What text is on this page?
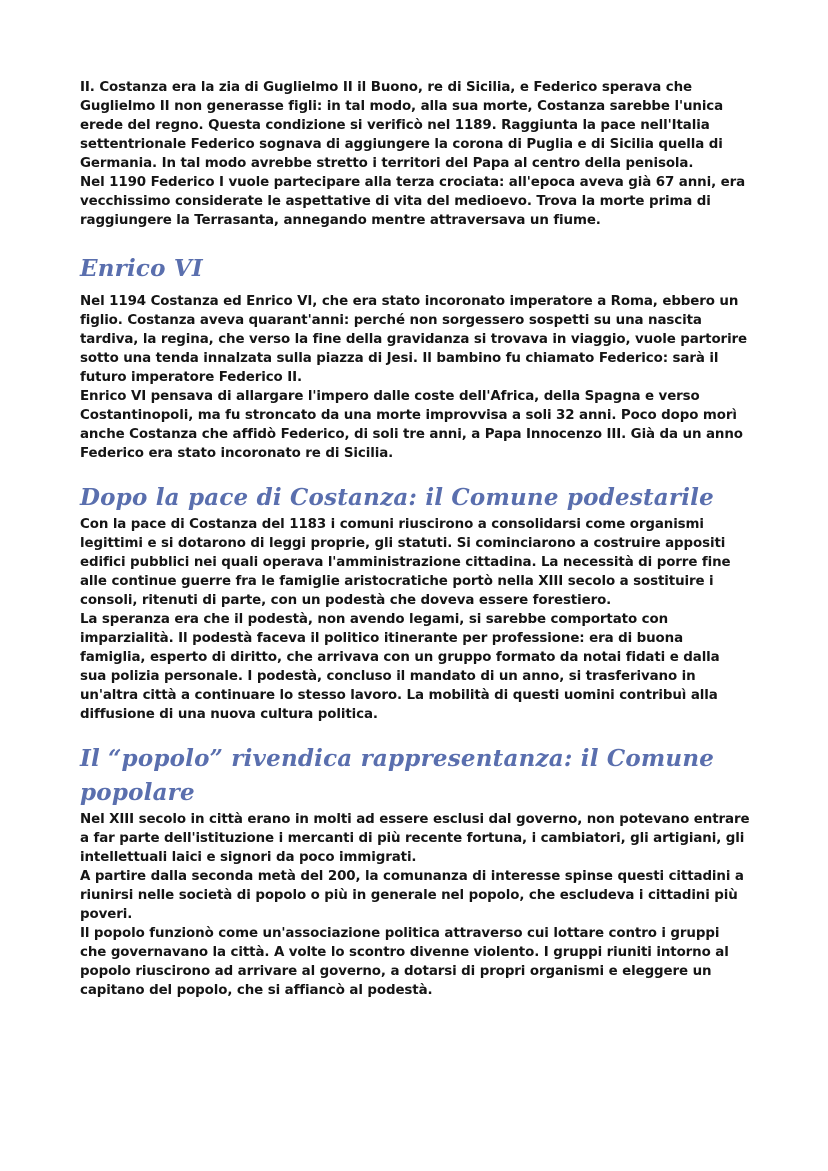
II. Costanza era la zia di Guglielmo II il Buono, re di Sicilia, e Federico sperava che Guglielmo II non generasse figli: in tal modo, alla sua morte, Costanza sarebbe l'unica erede del regno. Questa condizione si verificò nel 1189. Raggiunta la pace nell'Italia settentrionale Federico sognava di aggiungere la corona di Puglia e di Sicilia quella di Germania. In tal modo avrebbe stretto i territori del Papa al centro della penisola.

Nel 1190 Federico I vuole partecipare alla terza crociata: all'epoca aveva già 67 anni, era vecchissimo considerate le aspettative di vita del medioevo. Trova la morte prima di raggiungere la Terrasanta, annegando mentre attraversava un fiume.

Enrico VI

Nel 1194 Costanza ed Enrico VI, che era stato incoronato imperatore a Roma, ebbero un figlio. Costanza aveva quarant'anni: perché non sorgessero sospetti su una nascita tardiva, la regina, che verso la fine della gravidanza si trovava in viaggio, vuole partorire sotto una tenda innalzata sulla piazza di Jesi. Il bambino fu chiamato Federico: sarà il futuro imperatore Federico II.

Enrico VI pensava di allargare l'impero dalle coste dell'Africa, della Spagna e verso Costantinopoli, ma fu stroncato da una morte improvvisa a soli 32 anni. Poco dopo morì anche Costanza che affidò Federico, di soli tre anni, a Papa Innocenzo III. Già da un anno Federico era stato incoronato re di Sicilia.

Dopo la pace di Costanza: il Comune podestarile

Con la pace di Costanza del 1183 i comuni riuscirono a consolidarsi come organismi legittimi e si dotarono di leggi proprie, gli statuti. Si cominciarono a costruire appositi edifici pubblici nei quali operava l'amministrazione cittadina. La necessità di porre fine alle continue guerre fra le famiglie aristocratiche portò nella XIII secolo a sostituire i consoli, ritenuti di parte, con un podestà che doveva essere forestiero.

La speranza era che il podestà, non avendo legami, si sarebbe comportato con imparzialità. Il podestà faceva il politico itinerante per professione: era di buona famiglia, esperto di diritto, che arrivava con un gruppo formato da notai fidati e dalla sua polizia personale. I podestà, concluso il mandato di un anno, si trasferivano in un'altra città a continuare lo stesso lavoro. La mobilità di questi uomini contribuì alla diffusione di una nuova cultura politica.

Il “popolo” rivendica rappresentanza: il Comune popolare

Nel XIII secolo in città erano in molti ad essere esclusi dal governo, non potevano entrare a far parte dell'istituzione i mercanti di più recente fortuna, i cambiatori, gli artigiani, gli intellettuali laici e signori da poco immigrati.

A partire dalla seconda metà del 200, la comunanza di interesse spinse questi cittadini a riunirsi nelle società di popolo o più in generale nel popolo, che escludeva i cittadini più poveri.

Il popolo funzionò come un'associazione politica attraverso cui lottare contro i gruppi che governavano la città. A volte lo scontro divenne violento. I gruppi riuniti intorno al popolo riuscirono ad arrivare al governo, a dotarsi di propri organismi e eleggere un capitano del popolo, che si affiancò al podestà.
